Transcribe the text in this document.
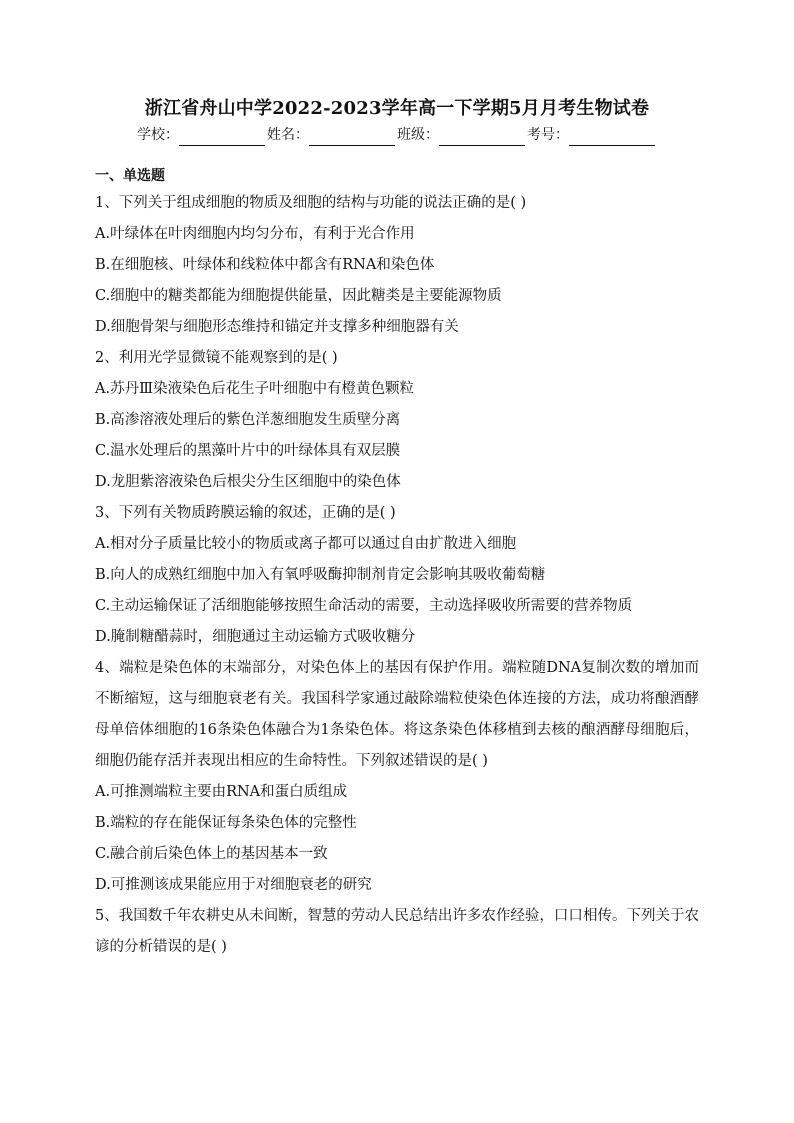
浙江省舟山中学2022-2023学年高一下学期5月月考生物试卷
学校：	姓名：	班级：	考号：
一、单选题

1、下列关于组成细胞的物质及细胞的结构与功能的说法正确的是( )

A.叶绿体在叶肉细胞内均匀分布，有利于光合作用

B.在细胞核、叶绿体和线粒体中都含有RNA和染色体

C.细胞中的糖类都能为细胞提供能量，因此糖类是主要能源物质

D.细胞骨架与细胞形态维持和锚定并支撑多种细胞器有关

2、利用光学显微镜不能观察到的是( )

A.苏丹Ⅲ染液染色后花生子叶细胞中有橙黄色颗粒

B.高渗溶液处理后的紫色洋葱细胞发生质壁分离

C.温水处理后的黑藻叶片中的叶绿体具有双层膜

D.龙胆紫溶液染色后根尖分生区细胞中的染色体

3、下列有关物质跨膜运输的叙述，正确的是( )

A.相对分子质量比较小的物质或离子都可以通过自由扩散进入细胞

B.向人的成熟红细胞中加入有氧呼吸酶抑制剂肯定会影响其吸收葡萄糖

C.主动运输保证了活细胞能够按照生命活动的需要，主动选择吸收所需要的营养物质

D.腌制糖醋蒜时，细胞通过主动运输方式吸收糖分

4、端粒是染色体的末端部分，对染色体上的基因有保护作用。端粒随DNA复制次数的增加而不断缩短，这与细胞衰老有关。我国科学家通过敲除端粒使染色体连接的方法，成功将酿酒酵母单倍体细胞的16条染色体融合为1条染色体。将这条染色体移植到去核的酿酒酵母细胞后，细胞仍能存活并表现出相应的生命特性。下列叙述错误的是( )

A.可推测端粒主要由RNA和蛋白质组成

B.端粒的存在能保证每条染色体的完整性

C.融合前后染色体上的基因基本一致

D.可推测该成果能应用于对细胞衰老的研究

5、我国数千年农耕史从未间断，智慧的劳动人民总结出许多农作经验，口口相传。下列关于农谚的分析错误的是( )
